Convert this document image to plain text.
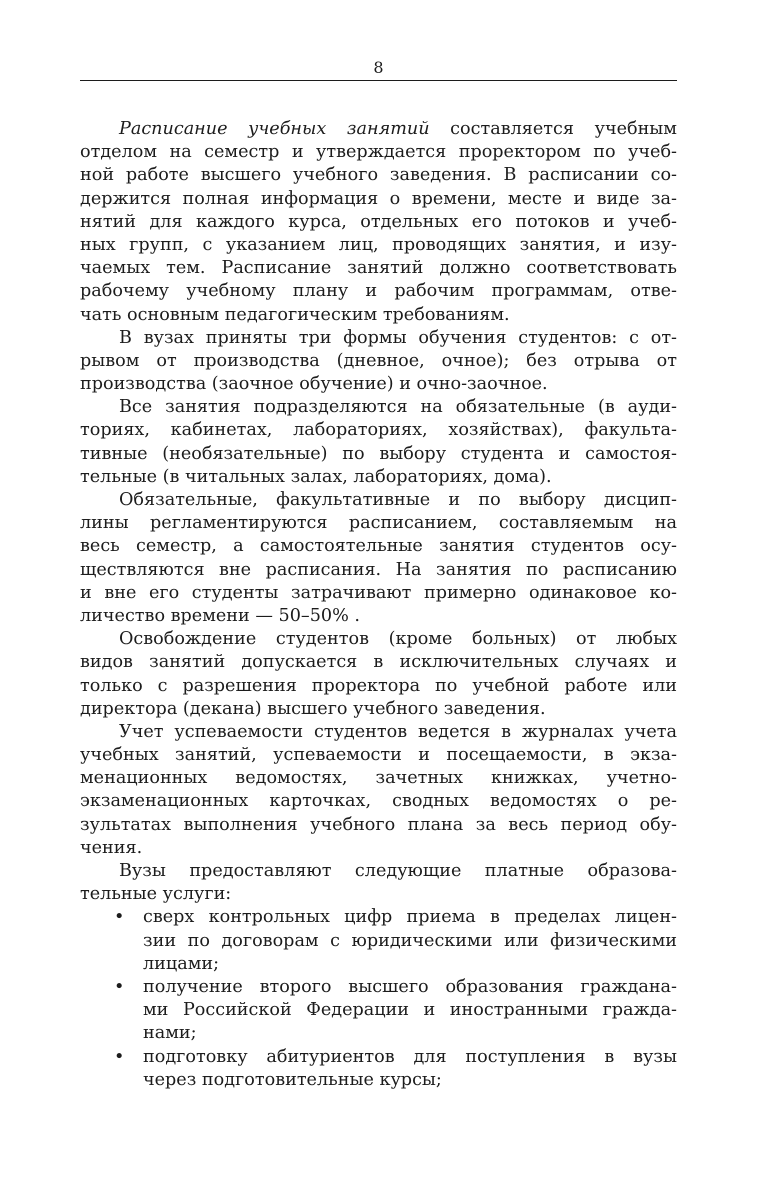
8
Расписание учебных занятий составляется учебным
отделом на семестр и утверждается проректором по учеб-
ной работе высшего учебного заведения. В расписании со-
держится полная информация о времени, месте и виде за-
нятий для каждого курса, отдельных его потоков и учеб-
ных групп, с указанием лиц, проводящих занятия, и изу-
чаемых тем. Расписание занятий должно соответствовать
рабочему учебному плану и рабочим программам, отве-
чать основным педагогическим требованиям.
В вузах приняты три формы обучения студентов: с от-
рывом от производства (дневное, очное); без отрыва от
производства (заочное обучение) и очно-заочное.
Все занятия подразделяются на обязательные (в ауди-
ториях, кабинетах, лабораториях, хозяйствах), факульта-
тивные (необязательные) по выбору студента и самостоя-
тельные (в читальных залах, лабораториях, дома).
Обязательные, факультативные и по выбору дисцип-
лины регламентируются расписанием, составляемым на
весь семестр, а самостоятельные занятия студентов осу-
ществляются вне расписания. На занятия по расписанию
и вне его студенты затрачивают примерно одинаковое ко-
личество времени — 50–50% .
Освобождение студентов (кроме больных) от любых
видов занятий допускается в исключительных случаях и
только с разрешения проректора по учебной работе или
директора (декана) высшего учебного заведения.
Учет успеваемости студентов ведется в журналах учета
учебных занятий, успеваемости и посещаемости, в экза-
менационных ведомостях, зачетных книжках, учетно-
экзаменационных карточках, сводных ведомостях о ре-
зультатах выполнения учебного плана за весь период обу-
чения.
Вузы предоставляют следующие платные образова-
тельные услуги:
• сверх контрольных цифр приема в пределах лицен-
зии по договорам с юридическими или физическими
лицами;
• получение второго высшего образования гражданa-
ми Российской Федерации и иностранными гражда-
нами;
• подготовку абитуриентов для поступления в вузы
через подготовительные курсы;
